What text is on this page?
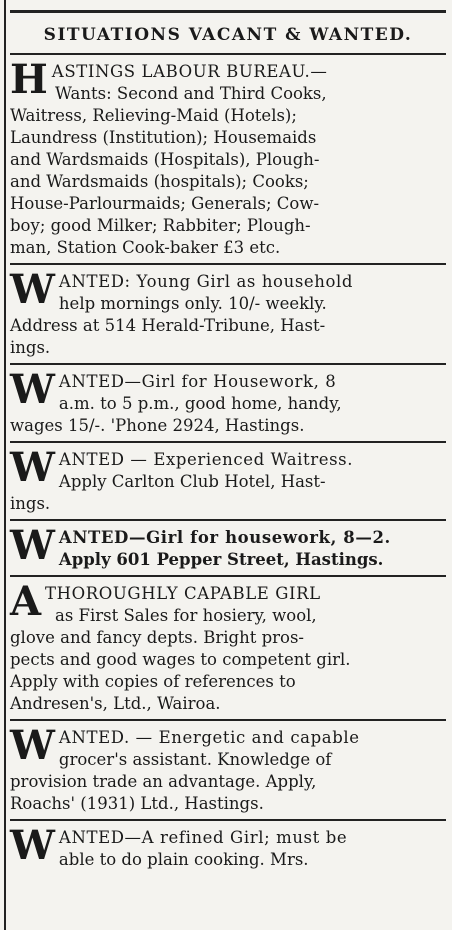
SITUATIONS VACANT & WANTED.
H ASTINGS LABOUR BUREAU.—

Wants: Second and Third Cooks,

Waitress, Relieving-Maid (Hotels);

Laundress (Institution); Housemaids

and Wardsmaids (Hospitals), Plough-

and Wardsmaids (hospitals); Cooks;

House-Parlourmaids; Generals; Cow-

boy; good Milker; Rabbiter; Plough-

man, Station Cook-baker £3 etc.

W ANTED: Young Girl as household

help mornings only. 10/- weekly.

Address at 514 Herald-Tribune, Hast-

ings.

W ANTED—Girl for Housework, 8

a.m. to 5 p.m., good home, handy,

wages 15/-. 'Phone 2924, Hastings.

W ANTED — Experienced Waitress.

Apply Carlton Club Hotel, Hast-

ings.

W ANTED—Girl for housework, 8—2.

Apply 601 Pepper Street, Hastings.

A THOROUGHLY CAPABLE GIRL

as First Sales for hosiery, wool,

glove and fancy depts. Bright pros-

pects and good wages to competent girl.

Apply with copies of references to

Andresen's, Ltd., Wairoa.

W ANTED. — Energetic and capable

grocer's assistant. Knowledge of

provision trade an advantage. Apply,

Roachs' (1931) Ltd., Hastings.

W ANTED—A refined Girl; must be

able to do plain cooking. Mrs.
